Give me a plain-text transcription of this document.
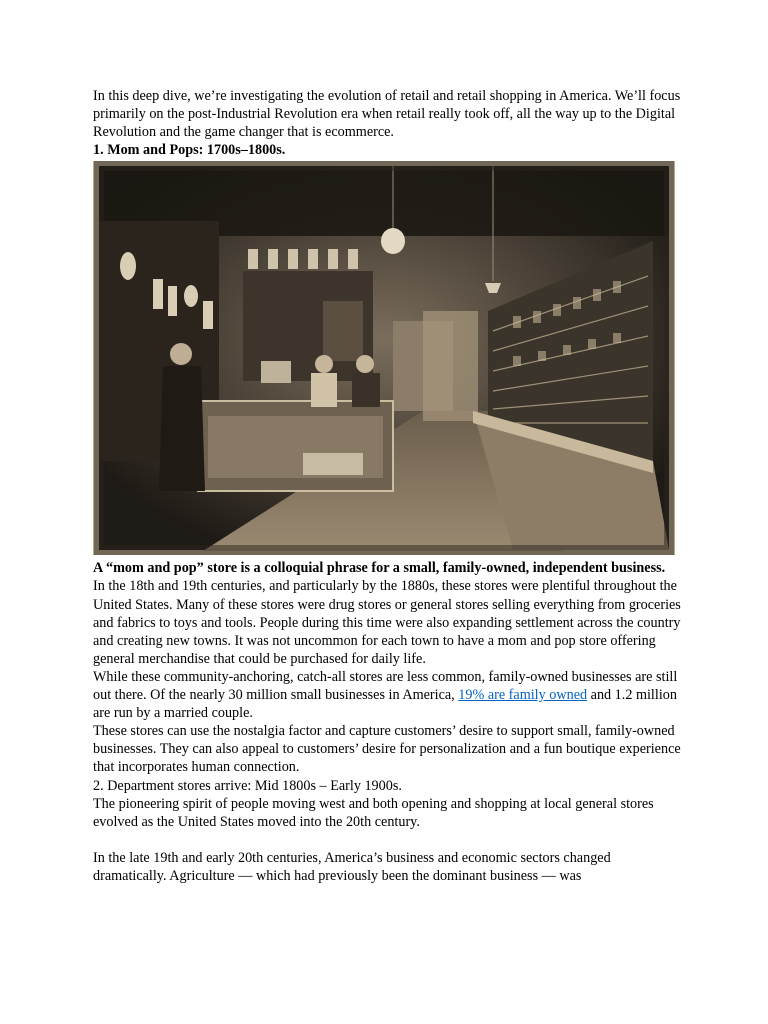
In this deep dive, we’re investigating the evolution of retail and retail shopping in America. We’ll focus primarily on the post-Industrial Revolution era when retail really took off, all the way up to the Digital Revolution and the game changer that is ecommerce.

1. Mom and Pops: 1700s–1800s.

A “mom and pop” store is a colloquial phrase for a small, family-owned, independent business.

In the 18th and 19th centuries, and particularly by the 1880s, these stores were plentiful throughout the United States. Many of these stores were drug stores or general stores selling everything from groceries and fabrics to toys and tools. People during this time were also expanding settlement across the country and creating new towns. It was not uncommon for each town to have a mom and pop store offering general merchandise that could be purchased for daily life.

While these community-anchoring, catch-all stores are less common, family-owned businesses are still out there. Of the nearly 30 million small businesses in America, 19% are family owned and 1.2 million are run by a married couple.

These stores can use the nostalgia factor and capture customers’ desire to support small, family-owned businesses. They can also appeal to customers’ desire for personalization and a fun boutique experience that incorporates human connection.

2. Department stores arrive: Mid 1800s – Early 1900s.

The pioneering spirit of people moving west and both opening and shopping at local general stores evolved as the United States moved into the 20th century.

In the late 19th and early 20th centuries, America’s business and economic sectors changed dramatically. Agriculture — which had previously been the dominant business — was
